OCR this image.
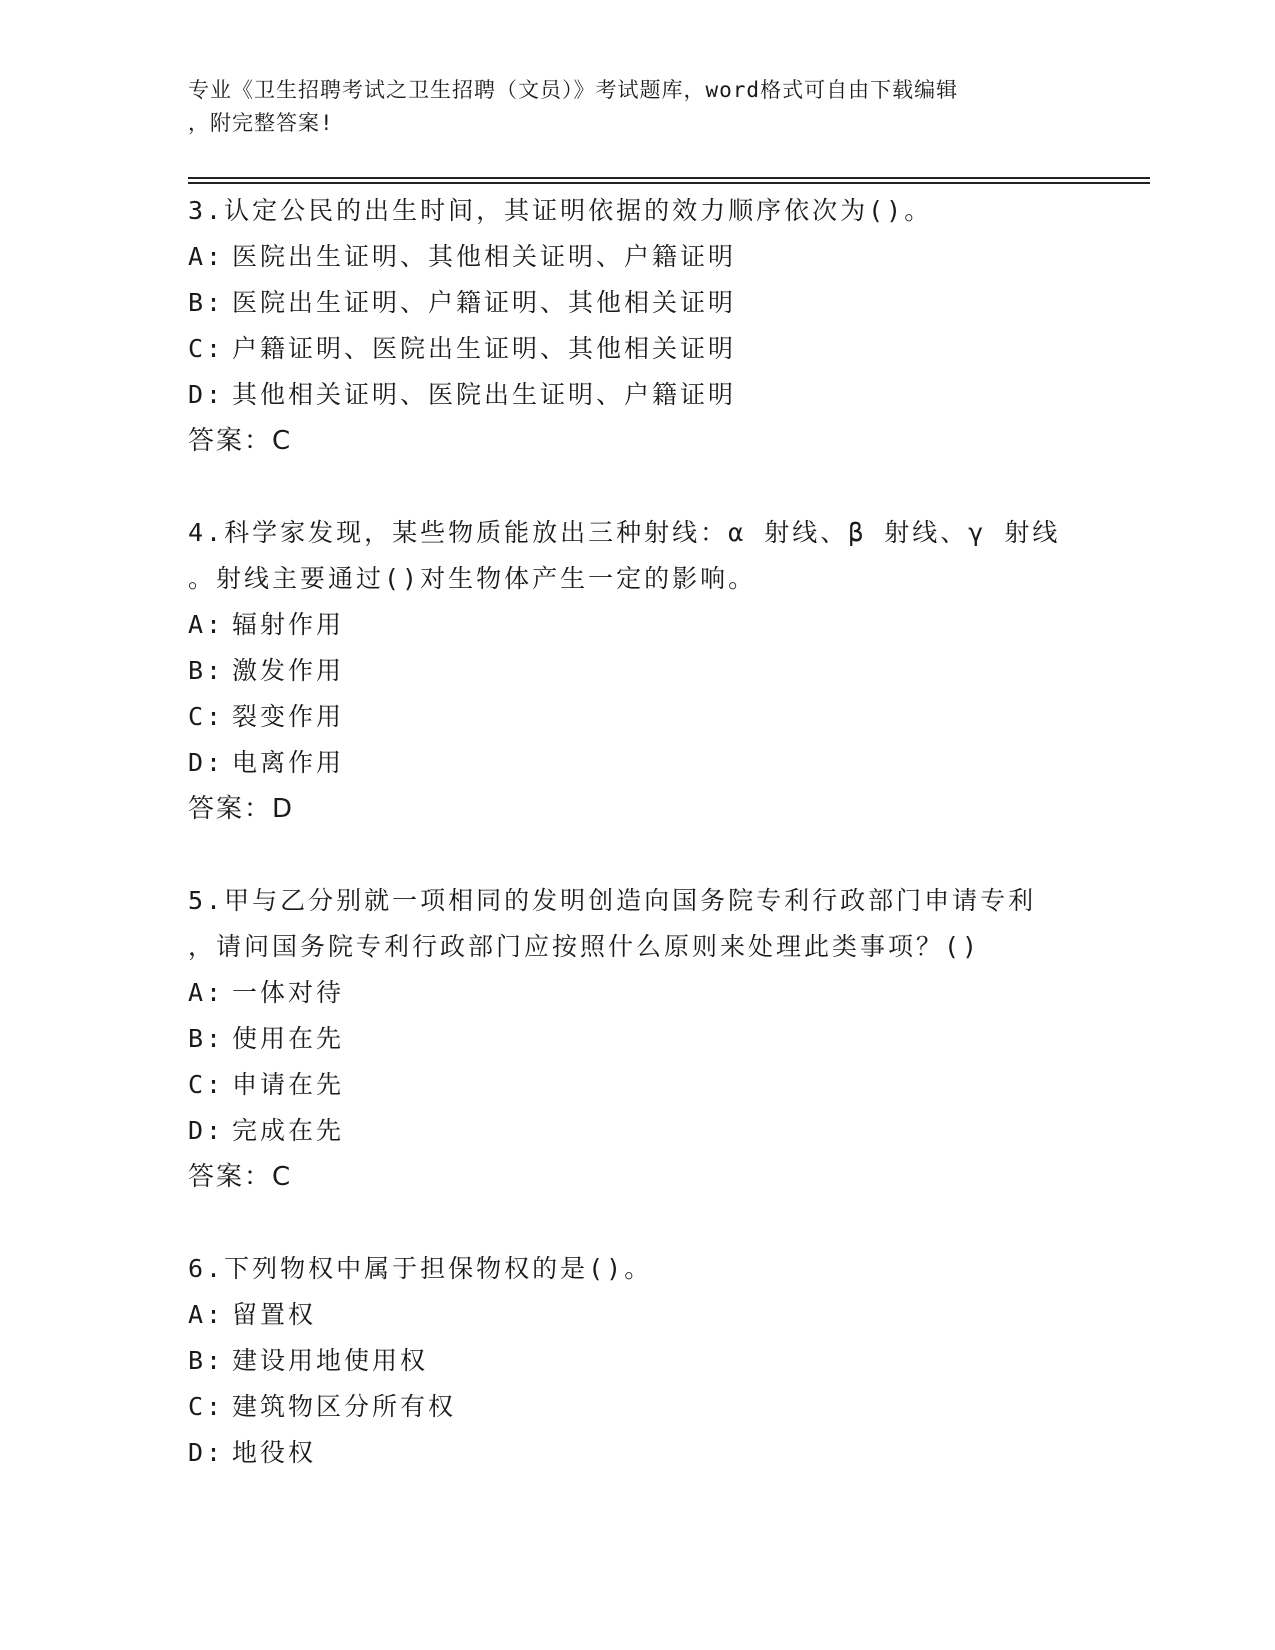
专业《卫生招聘考试之卫生招聘（文员）》考试题库，word格式可自由下载编辑
，附完整答案!
3.认定公民的出生时间，其证明依据的效力顺序依次为()。
A: 医院出生证明、其他相关证明、户籍证明
B: 医院出生证明、户籍证明、其他相关证明
C: 户籍证明、医院出生证明、其他相关证明
D: 其他相关证明、医院出生证明、户籍证明
答案：C
4.科学家发现，某些物质能放出三种射线：α 射线、β 射线、γ 射线
。射线主要通过()对生物体产生一定的影响。
A: 辐射作用
B: 激发作用
C: 裂变作用
D: 电离作用
答案：D
5.甲与乙分别就一项相同的发明创造向国务院专利行政部门申请专利
，请问国务院专利行政部门应按照什么原则来处理此类事项？()
A: 一体对待
B: 使用在先
C: 申请在先
D: 完成在先
答案：C
6.下列物权中属于担保物权的是()。
A: 留置权
B: 建设用地使用权
C: 建筑物区分所有权
D: 地役权
